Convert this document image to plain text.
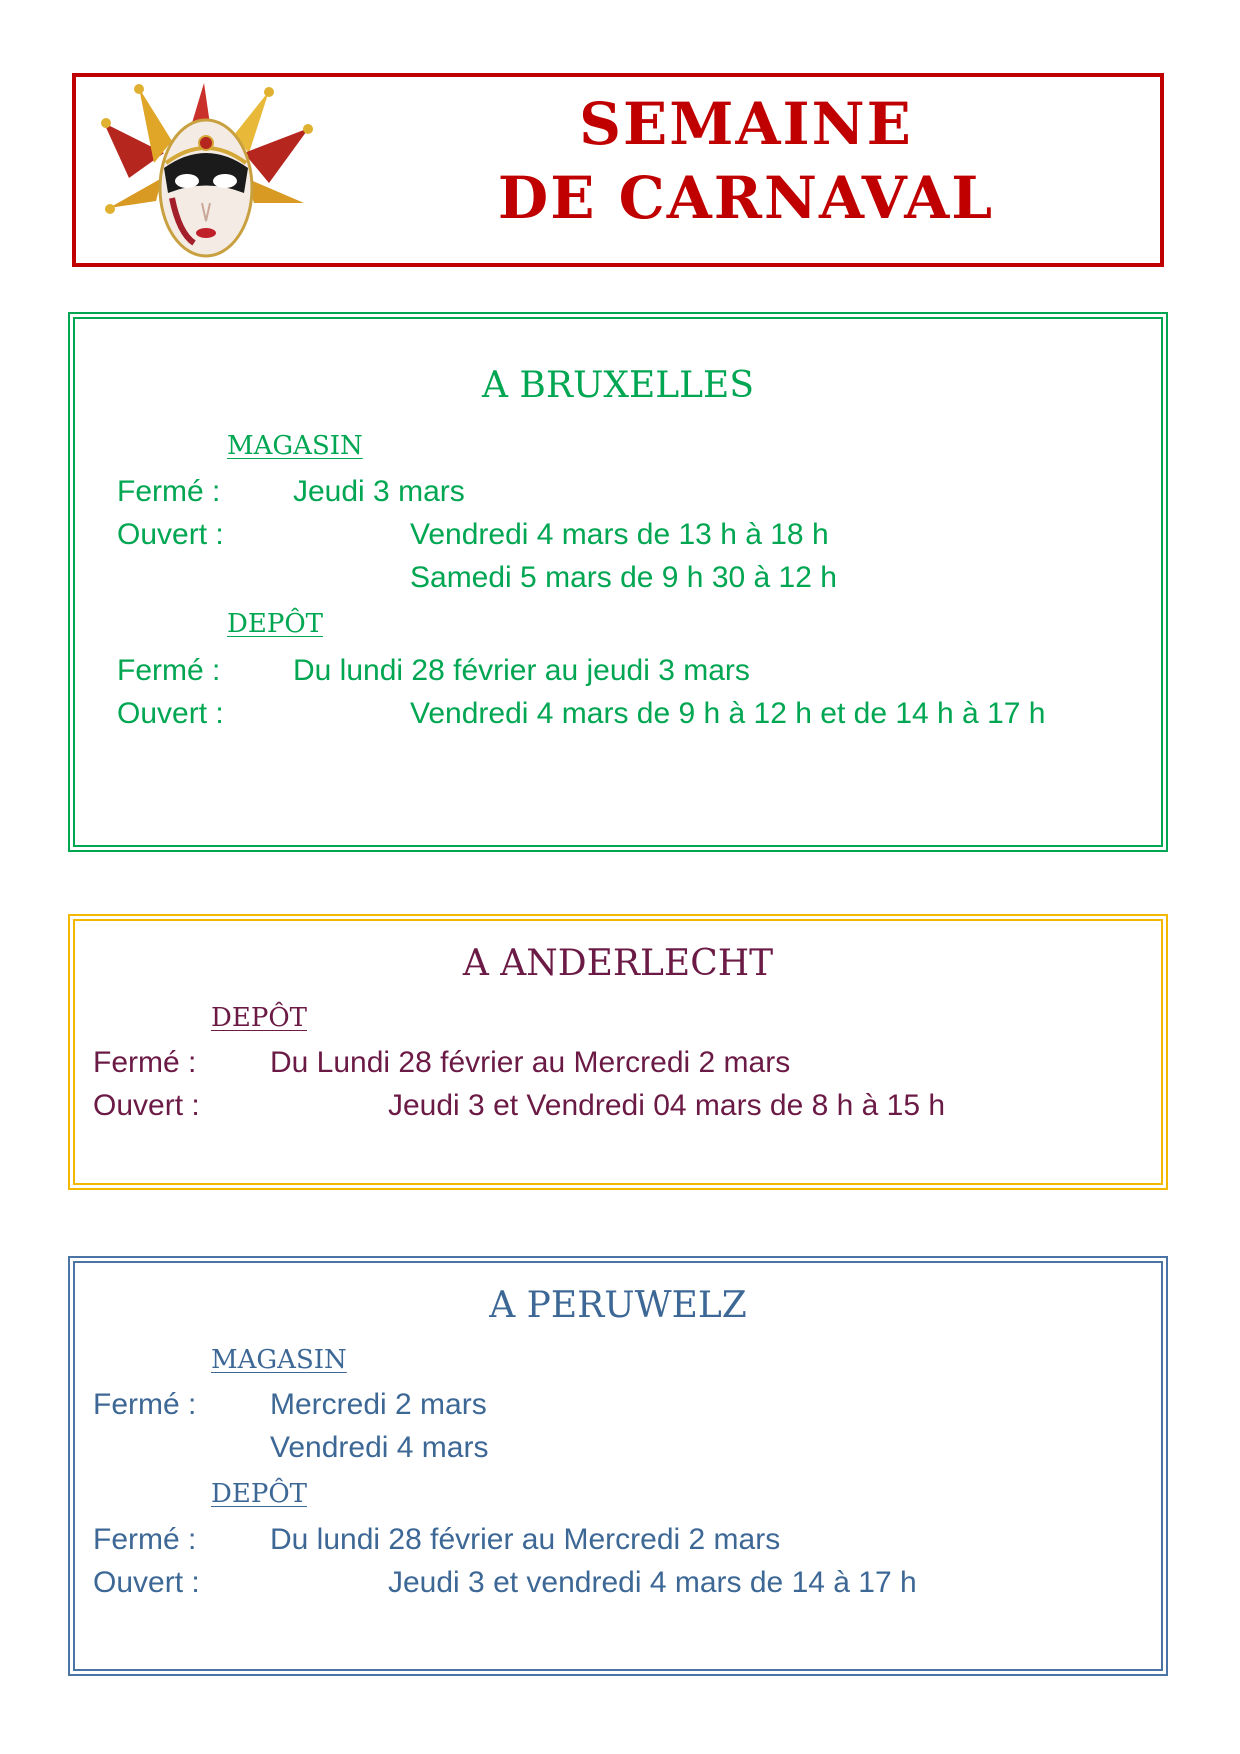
SEMAINE
DE CARNAVAL
A BRUXELLES
MAGASIN
Fermé : Jeudi 3 mars
Ouvert :	Vendredi 4 mars de 13 h à 18 h
Samedi 5 mars de 9 h 30 à 12 h
DEPÔT
Fermé : Du lundi 28 février au jeudi 3 mars
Ouvert :	Vendredi 4 mars de 9 h à 12 h et de 14 h à 17 h
A ANDERLECHT
DEPÔT
Fermé : Du Lundi 28 février au Mercredi 2 mars
Ouvert :	Jeudi 3 et Vendredi 04 mars de 8 h à 15 h
A PERUWELZ
MAGASIN
Fermé : Mercredi 2 mars
Vendredi 4 mars
DEPÔT
Fermé : Du lundi 28 février au Mercredi 2 mars
Ouvert :	Jeudi 3 et vendredi 4 mars de 14 à 17 h
